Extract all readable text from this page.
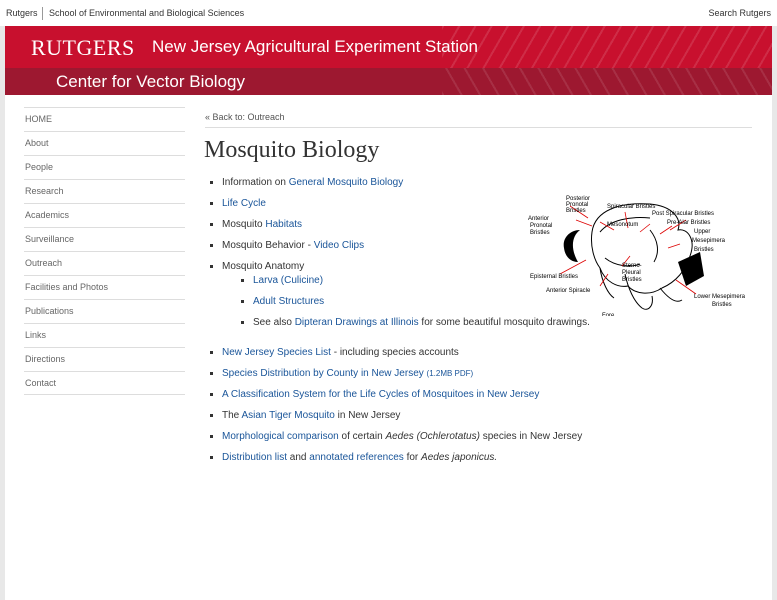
Rutgers School of Environmental and Biological Sciences	Search Rutgers
RUTGERS New Jersey Agricultural Experiment Station
Center for Vector Biology
HOME
About
People
Research
Academics
Surveillance
Outreach
Facilities and Photos
Publications
Links
Directions
Contact
« Back to: Outreach
Mosquito Biology
▪ Information on General Mosquito Biology
▪ Life Cycle
▪ Mosquito Habitats
▪ Mosquito Behavior - Video Clips
▪ Mosquito Anatomy
▪ Larva (Culicine)
▪ Adult Structures
▪ See also Dipteran Drawings at Illinois for some beautiful mosquito drawings.
▪ New Jersey Species List - including species accounts
▪ Species Distribution by County in New Jersey (1.2MB PDF)
▪ A Classification System for the Life Cycles of Mosquitoes in New Jersey
▪ The Asian Tiger Mosquito in New Jersey
▪ Morphological comparison of certain Aedes (Ochlerotatus) species in New Jersey
▪ Distribution list and annotated references for Aedes japonicus.
Posterior Pronotal Bristles
Anterior Pronotal Bristles
Spiracular Bristles
Post Spiracular Bristles
Mesonotum	Pre-Alar Bristles
Upper Mesepimera Bristles
Sterno-Pleural Bristles
Episternal Bristles
Anterior Spiracle
Lower Mesepimera Bristles
Fore
